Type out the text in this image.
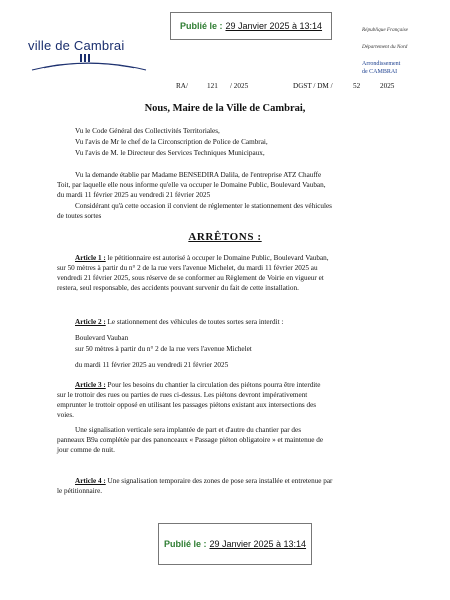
Publié le : 29 Janvier 2025 à 13:14
ville de Cambrai
République Française
Département du Nord
Arrondissement
de CAMBRAI
RA/	121 / 2025	DGST / DM /	52	2025
Nous, Maire de la Ville de Cambrai,
Vu le Code Général des Collectivités Territoriales,
Vu l'avis de Mr le chef de la Circonscription de Police de Cambrai,
Vu l'avis de M. le Directeur des Services Techniques Municipaux,
Vu la demande établie par Madame BENSEDIRA Dalila, de l'entreprise ATZ Chauffe
Toit, par laquelle elle nous informe qu'elle va occuper le Domaine Public, Boulevard Vauban,
du mardi 11 février 2025 au vendredi 21 février 2025
Considérant qu'à cette occasion il convient de réglementer le stationnement des véhicules
de toutes sortes
ARRÊTONS :
Article 1 : le pétitionnaire est autorisé à occuper le Domaine Public, Boulevard Vauban,
sur 50 mètres à partir du n° 2 de la rue vers l'avenue Michelet, du mardi 11 février 2025 au
vendredi 21 février 2025, sous réserve de se conformer au Règlement de Voirie en vigueur et
restera, seul responsable, des accidents pouvant survenir du fait de cette installation.
Article 2 : Le stationnement des véhicules de toutes sortes sera interdit :
Boulevard Vauban
sur 50 mètres à partir du n° 2 de la rue vers l'avenue Michelet
du mardi 11 février 2025 au vendredi 21 février 2025
Article 3 : Pour les besoins du chantier la circulation des piétons pourra être interdite
sur le trottoir des rues ou parties de rues ci-dessus. Les piétons devront impérativement
emprunter le trottoir opposé en utilisant les passages piétons existant aux intersections des
voies.
Une signalisation verticale sera implantée de part et d'autre du chantier par des
panneaux B9a complétée par des panonceaux « Passage piéton obligatoire » et maintenue de
jour comme de nuit.
Article 4 : Une signalisation temporaire des zones de pose sera installée et entretenue par
le pétitionnaire.
Publié le : 29 Janvier 2025 à 13:14
